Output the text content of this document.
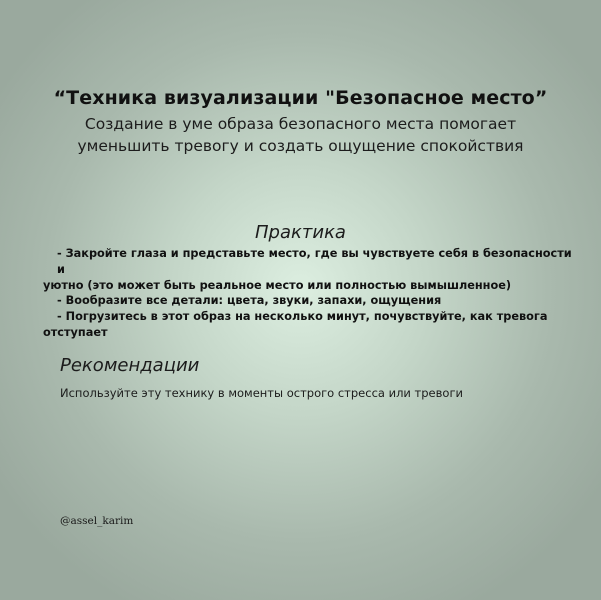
“Техника визуализации "Безопасное место”
Создание в уме образа безопасного места помогает уменьшить тревогу и создать ощущение спокойствия
Практика
- Закройте глаза и представьте место, где вы чувствуете себя в безопасности и
уютно (это может быть реальное место или полностью вымышленное)
- Вообразите все детали: цвета, звуки, запахи, ощущения
- Погрузитесь в этот образ на несколько минут, почувствуйте, как тревога
отступает
Рекомендации
Используйте эту технику в моменты острого стресса или тревоги
@assel_karim
